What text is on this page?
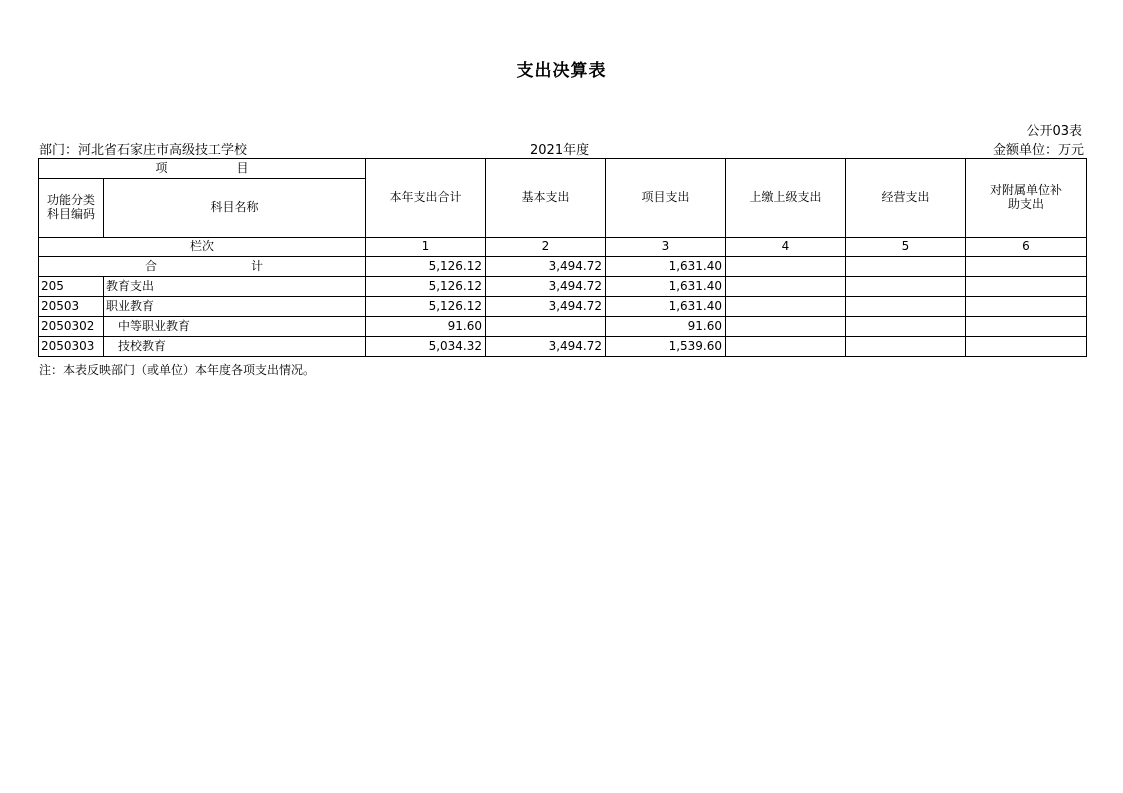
支出决算表
公开03表
部门：河北省石家庄市高级技工学校	2021年度	金额单位：万元
项 目		本年支出合计	基本支出	项目支出	上缴上级支出	经营支出	对附属单位补助支出
功能分类科目编码	科目名称						
栏次		1	2	3	4	5	6

合 计		5,126.12	3,494.72	1,631.40			
205	教育支出	5,126.12	3,494.72	1,631.40			
20503	职业教育	5,126.12	3,494.72	1,631.40			
2050302	中等职业教育	91.60		91.60			
2050303	技校教育	5,034.32	3,494.72	1,539.60			
注：本表反映部门（或单位）本年度各项支出情况。
